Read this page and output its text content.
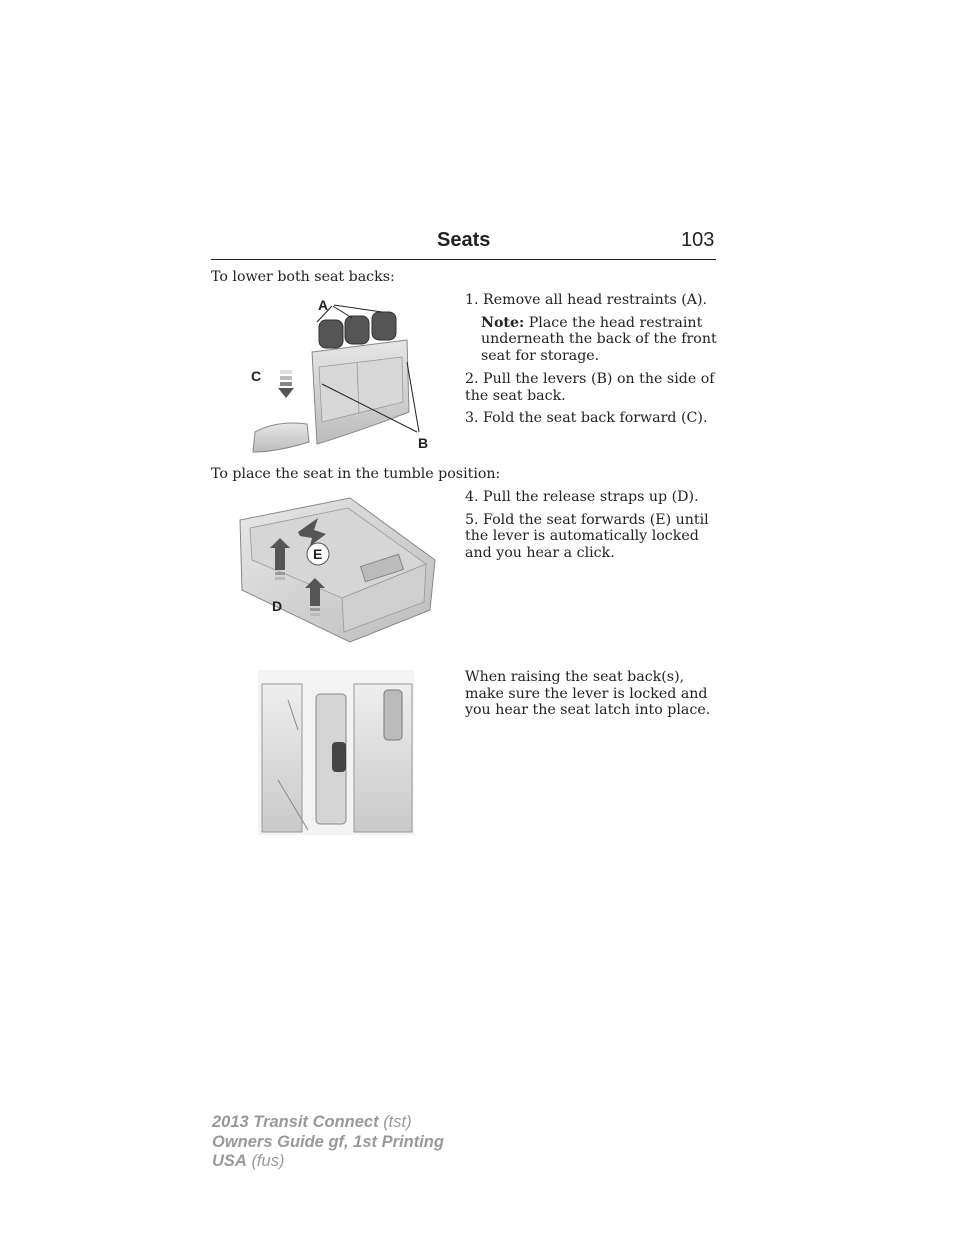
Seats	103
To lower both seat backs:
A
C
B

1. Remove all head restraints (A).

Note: Place the head restraint underneath the back of the front seat for storage.

2. Pull the levers (B) on the side of the seat back.

3. Fold the seat back forward (C).

To place the seat in the tumble position:
E
D

4. Pull the release straps up (D).

5. Fold the seat forwards (E) until the lever is automatically locked and you hear a click.

When raising the seat back(s), make sure the lever is locked and you hear the seat latch into place.
2013 Transit Connect (tst)
Owners Guide gf, 1st Printing
USA (fus)
